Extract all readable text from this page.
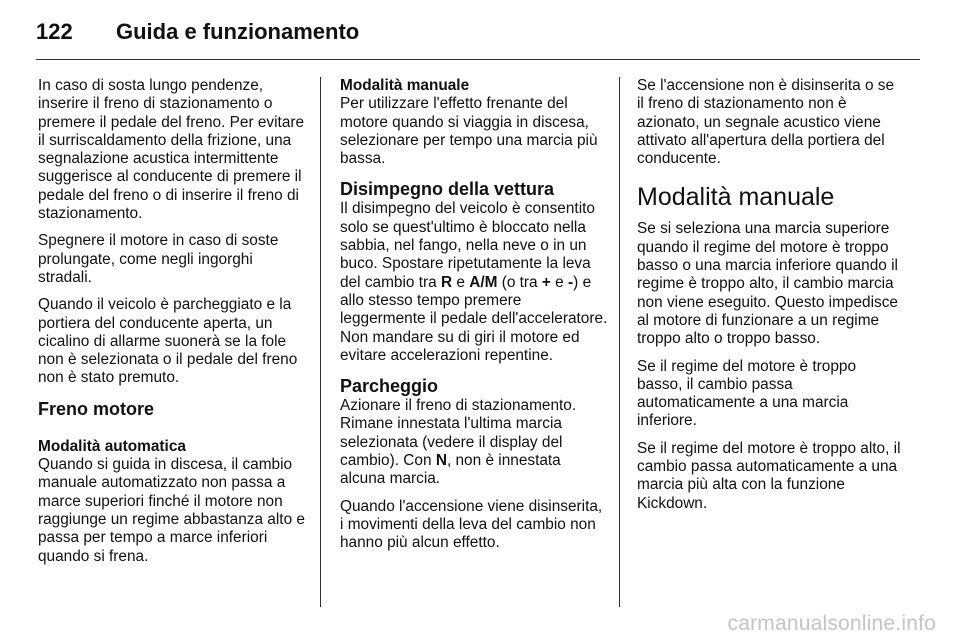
122	Guida e funzionamento

In caso di sosta lungo pendenze, inserire il freno di stazionamento o premere il pedale del freno. Per evitare il surriscaldamento della frizione, una segnalazione acustica intermittente suggerisce al conducente di premere il pedale del freno o di inserire il freno di stazionamento.

Spegnere il motore in caso di soste prolungate, come negli ingorghi stradali.

Quando il veicolo è parcheggiato e la portiera del conducente aperta, un cicalino di allarme suonerà se la fole non è selezionata o il pedale del freno non è stato premuto.

Freno motore
Modalità automatica

Quando si guida in discesa, il cambio manuale automatizzato non passa a marce superiori finché il motore non raggiunge un regime abbastanza alto e passa per tempo a marce inferiori quando si frena.

Modalità manuale

Per utilizzare l'effetto frenante del motore quando si viaggia in discesa, selezionare per tempo una marcia più bassa.

Disimpegno della vettura

Il disimpegno del veicolo è consentito solo se quest'ultimo è bloccato nella sabbia, nel fango, nella neve o in un buco. Spostare ripetutamente la leva del cambio tra R e A/M (o tra + e -) e allo stesso tempo premere leggermente il pedale dell'acceleratore. Non mandare su di giri il motore ed evitare accelerazioni repentine.

Parcheggio

Azionare il freno di stazionamento. Rimane innestata l'ultima marcia selezionata (vedere il display del cambio). Con N, non è innestata alcuna marcia.

Quando l'accensione viene disinserita, i movimenti della leva del cambio non hanno più alcun effetto.

Se l'accensione non è disinserita o se il freno di stazionamento non è azionato, un segnale acustico viene attivato all'apertura della portiera del conducente.

Modalità manuale

Se si seleziona una marcia superiore quando il regime del motore è troppo basso o una marcia inferiore quando il regime è troppo alto, il cambio marcia non viene eseguito. Questo impedisce al motore di funzionare a un regime troppo alto o troppo basso.

Se il regime del motore è troppo basso, il cambio passa automaticamente a una marcia inferiore.

Se il regime del motore è troppo alto, il cambio passa automaticamente a una marcia più alta con la funzione Kickdown.

carmanualsonline.info
